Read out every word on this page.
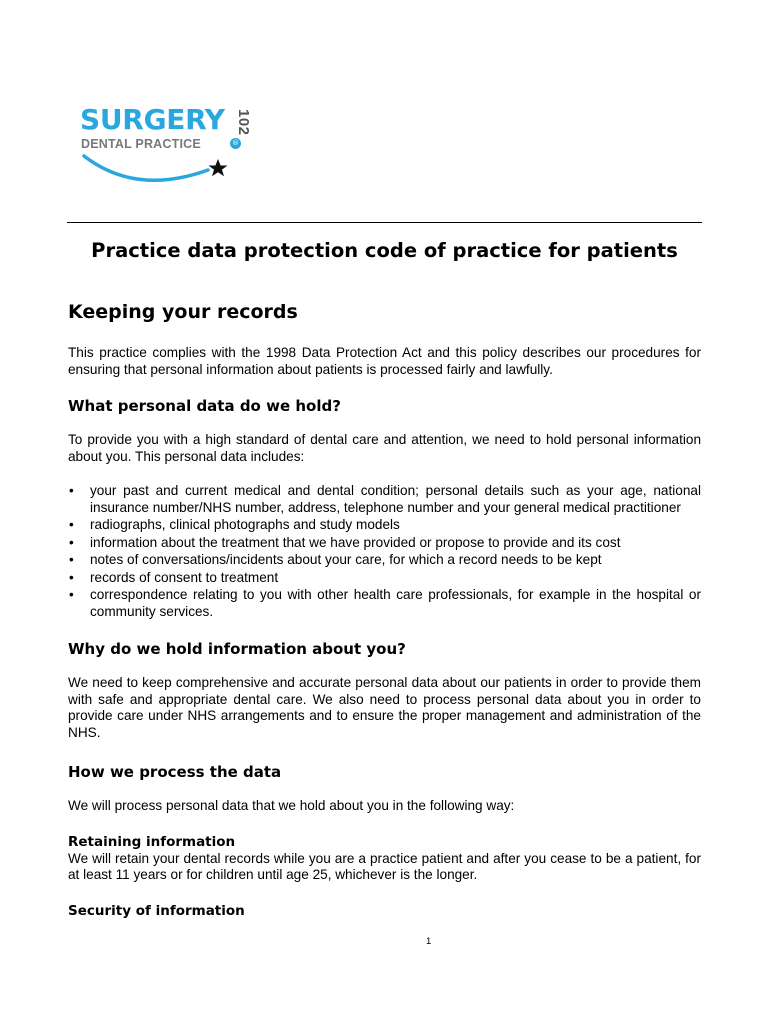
SURGERY
DENTAL PRACTICE
102
®
Practice data protection code of practice for patients
Keeping your records

This practice complies with the 1998 Data Protection Act and this policy describes our procedures for ensuring that personal information about patients is processed fairly and lawfully.

What personal data do we hold?

To provide you with a high standard of dental care and attention, we need to hold personal information about you. This personal data includes:

• your past and current medical and dental condition; personal details such as your age, national insurance number/NHS number, address, telephone number and your general medical practitioner
• radiographs, clinical photographs and study models
• information about the treatment that we have provided or propose to provide and its cost
• notes of conversations/incidents about your care, for which a record needs to be kept
• records of consent to treatment
• correspondence relating to you with other health care professionals, for example in the hospital or community services.
Why do we hold information about you?

We need to keep comprehensive and accurate personal data about our patients in order to provide them with safe and appropriate dental care. We also need to process personal data about you in order to provide care under NHS arrangements and to ensure the proper management and administration of the NHS.

How we process the data

We will process personal data that we hold about you in the following way:

Retaining information

We will retain your dental records while you are a practice patient and after you cease to be a patient, for at least 11 years or for children until age 25, whichever is the longer.

Security of information
1
